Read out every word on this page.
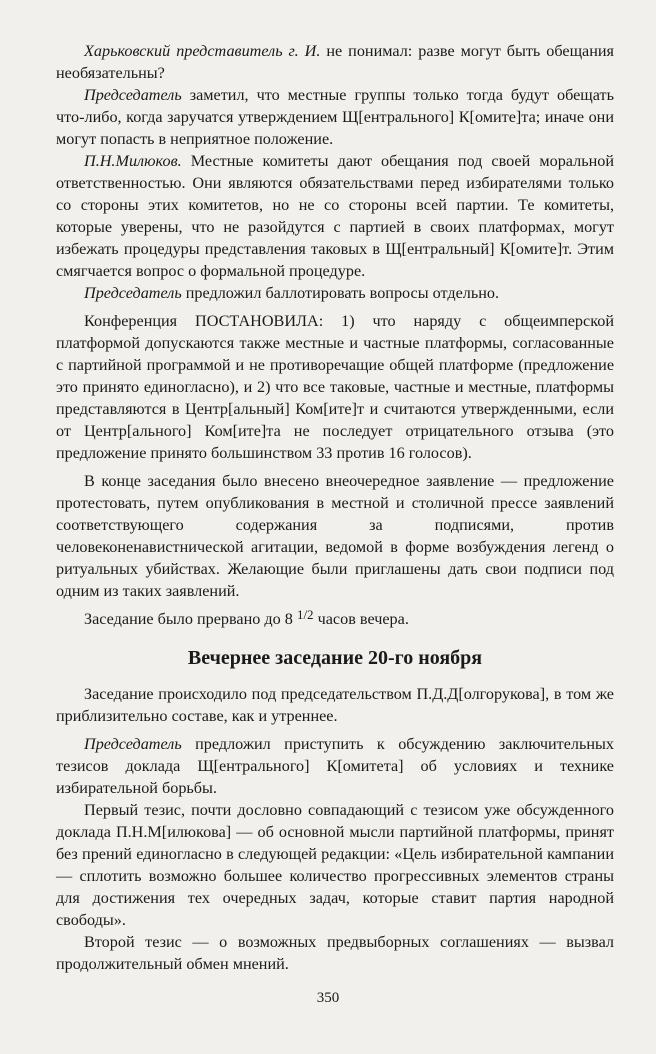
Харьковский представитель г. И. не понимал: разве могут быть обещания необязательны?

Председатель заметил, что местные группы только тогда будут обещать что-либо, когда заручатся утверждением Щ[ентрального] К[омите]та; иначе они могут попасть в неприятное положение.

П.Н.Милюков. Местные комитеты дают обещания под своей моральной ответственностью. Они являются обязательствами перед избирателями только со стороны этих комитетов, но не со стороны всей партии. Те комитеты, которые уверены, что не разойдутся с партией в своих платформах, могут избежать процедуры представления таковых в Щ[ентральный] К[омите]т. Этим смягчается вопрос о формальной процедуре.

Председатель предложил баллотировать вопросы отдельно.

Конференция ПОСТАНОВИЛА: 1) что наряду с общеимперской платформой допускаются также местные и частные платформы, согласованные с партийной программой и не противоречащие общей платформе (предложение это принято единогласно), и 2) что все таковые, частные и местные, платформы представляются в Центр[альный] Ком[ите]т и считаются утвержденными, если от Центр[ального] Ком[ите]та не последует отрицательного отзыва (это предложение принято большинством 33 против 16 голосов).

В конце заседания было внесено внеочередное заявление — предложение протестовать, путем опубликования в местной и столичной прессе заявлений соответствующего содержания за подписями, против человеконенавистнической агитации, ведомой в форме возбуждения легенд о ритуальных убийствах. Желающие были приглашены дать свои подписи под одним из таких заявлений.

Заседание было прервано до 8 $^{1/2}$ часов вечера.

Вечернее заседание 20-го ноября

Заседание происходило под председательством П.Д.Д[олгорукова], в том же приблизительно составе, как и утреннее.

Председатель предложил приступить к обсуждению заключительных тезисов доклада Щ[ентрального] К[омитета] об условиях и технике избирательной борьбы.

Первый тезис, почти дословно совпадающий с тезисом уже обсужденного доклада П.Н.М[илюкова] — об основной мысли партийной платформы, принят без прений единогласно в следующей редакции: «Цель избирательной кампании — сплотить возможно большее количество прогрессивных элементов страны для достижения тех очередных задач, которые ставит партия народной свободы».

Второй тезис — о возможных предвыборных соглашениях — вызвал продолжительный обмен мнений.

350
